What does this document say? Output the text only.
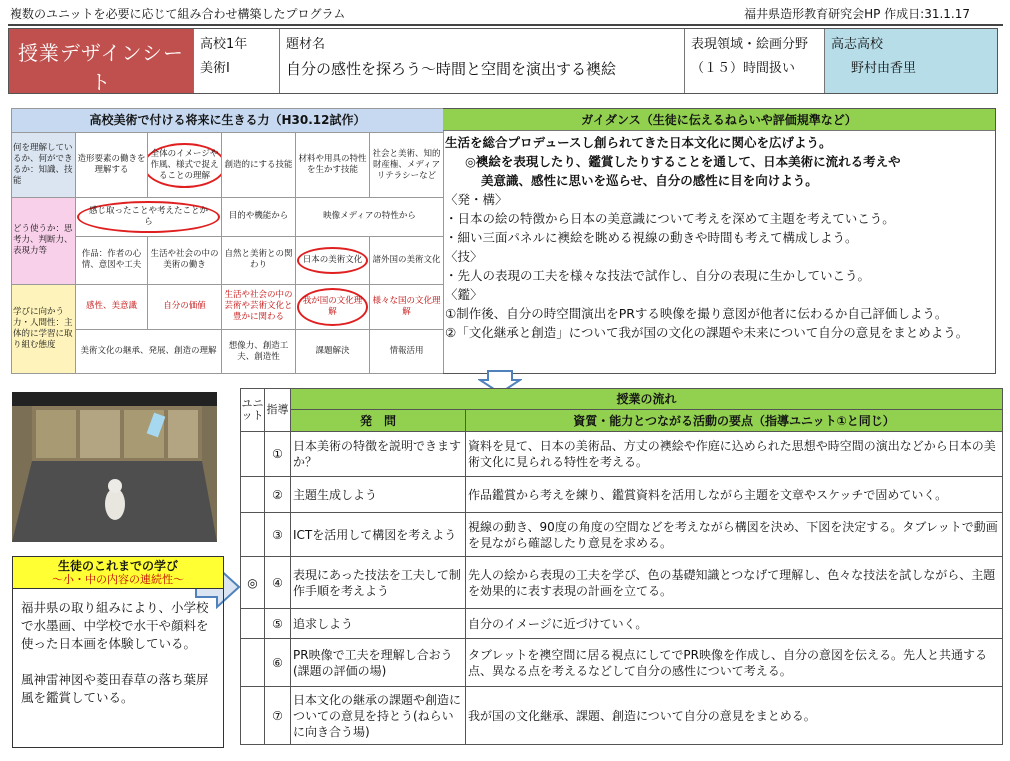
複数のユニットを必要に応じて組み合わせ構築したプログラム	福井県造形教育研究会HP 作成日:31.1.17
授業デザインシート
高校1年
美術Ⅰ
題材名
自分の感性を探ろう～時間と空間を演出する襖絵
表現領域・絵画分野
（１５）時間扱い
高志高校
野村由香里
高校美術で付ける将来に生きる力（H30.12試作）					
何を理解しているか、何ができるか：知識、技能	造形要素の働きを理解する	全体のイメージや作風、様式で捉えることの理解	創造的にする技能	材料や用具の特性を生かす技能	社会と美術、知的財産権、メディアリテラシーなど
どう使うか：思考力、判断力、表現力等	感じ取ったことや考えたことから		目的や機能から	映像メディアの特性から	
	作品：作者の心情、意図や工夫	生活や社会の中の美術の働き	自然と美術との関わり	日本の美術文化	諸外国の美術文化
学びに向かう力・人間性：主体的に学習に取り組む態度	感性、美意識	自分の価値	生活や社会の中の芸術や芸術文化と豊かに関わる	我が国の文化理解	様々な国の文化理解
	美術文化の継承、発展、創造の理解		想像力、創造工夫、創造性	課題解決	情報活用
ガイダンス（生徒に伝えるねらいや評価規準など）
生活を総合プロデュースし創られてきた日本文化に関心を広げよう。
◎襖絵を表現したり、鑑賞したりすることを通して、日本美術に流れる考えや
美意識、感性に思いを巡らせ、自分の感性に目を向けよう。
〈発・構〉
・日本の絵の特徴から日本の美意識について考えを深めて主題を考えていこう。
・細い三面パネルに襖絵を眺める視線の動きや時間も考えて構成しよう。
〈技〉
・先人の表現の工夫を様々な技法で試作し、自分の表現に生かしていこう。
〈鑑〉
①制作後、自分の時空間演出をPRする映像を撮り意図が他者に伝わるか自己評価しよう。
②「文化継承と創造」について我が国の文化の課題や未来について自分の意見をまとめよう。
生徒のこれまでの学び
～小・中の内容の連続性～
福井県の取り組みにより、小学校で水墨画、中学校で水干や顔料を使った日本画を体験している。
風神雷神図や菱田春草の落ち葉屏風を鑑賞している。
ユニット	指導	授業の流れ	
		発　問	資質・能力とつながる活動の要点（指導ユニット①と同じ）
	①	日本美術の特徴を説明できますか？	資料を見て、日本の美術品、方丈の襖絵や作庭に込められた思想や時空間の演出などから日本の美術文化に見られる特性を考える。
	②	主題生成しよう	作品鑑賞から考えを練り、鑑賞資料を活用しながら主題を文章やスケッチで固めていく。
	③	ICTを活用して構図を考えよう	視線の動き、90度の角度の空間などを考えながら構図を決め、下図を決定する。タブレットで動画を見ながら確認したり意見を求める。
◎	④	表現にあった技法を工夫して制作手順を考えよう	先人の絵から表現の工夫を学び、色の基礎知識とつなげて理解し、色々な技法を試しながら、主題を効果的に表す表現の計画を立てる。
	⑤	追求しよう	自分のイメージに近づけていく。
	⑥	PR映像で工夫を理解し合おう(課題の評価の場)	タブレットを襖空間に居る視点にしてでPR映像を作成し、自分の意図を伝える。先人と共通する点、異なる点を考えるなどして自分の感性について考える。
	⑦	日本文化の継承の課題や創造についての意見を持とう(ねらいに向き合う場)	我が国の文化継承、課題、創造について自分の意見をまとめる。
